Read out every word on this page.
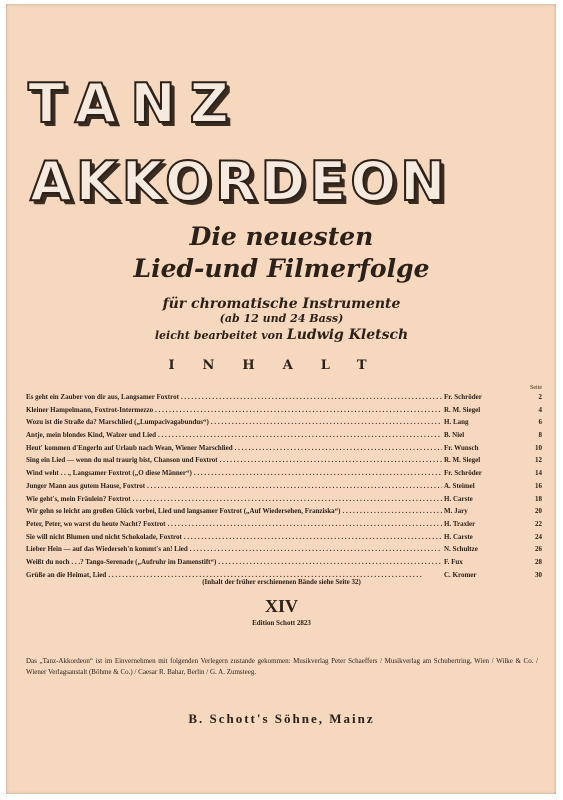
TANZ
AKKORDEON
Die neuesten
Lied-und Filmerfolge
für chromatische Instrumente
(ab 12 und 24 Bass)
leicht bearbeitet von Ludwig Kletsch
INHALT
Seite
Es geht ein Zauber von dir aus, Langsamer Foxtrot . . .	Fr. Schröder	2
Kleiner Hampelmann, Foxtrot-Intermezzo . . .	R. M. Siegel	4
Wozu ist die Straße da? Marschlied („Lumpacivagabundus“) . . .	H. Lang	6
Antje, mein blondes Kind, Walzer und Lied . . .	B. Niel	8
Heut' kommen d'Engerln auf Urlaub nach Wean, Wiener Marschlied . . .	Fr. Wunsch	10
Sing ein Lied — wenn du mal traurig bist, Chanson und Foxtrot . . .	R. M. Siegel	12
Wind weht . . ., Langsamer Foxtrot („O diese Männer“) . . .	Fr. Schröder	14
Junger Mann aus gutem Hause, Foxtrot . . .	A. Steimel	16
Wie geht's, mein Fräulein? Foxtrot . . .	H. Carste	18
Wir gehn so leicht am großen Glück vorbei, Lied und langsamer Foxtrot („Auf Wiedersehen, Franziska“) . . .	M. Jary	20
Peter, Peter, wo warst du heute Nacht? Foxtrot . . .	H. Traxler	22
Sie will nicht Blumen und nicht Schokolade, Foxtrot . . .	H. Carste	24
Lieber Hein — auf das Wiederseh'n kommt's an! Lied . . .	N. Schultze	26
Weißt du noch . . .? Tango-Serenade („Aufruhr im Damenstift“) . . .	F. Fux	28
Grüße an die Heimat, Lied . . .	C. Kromer	30
(Inhalt der früher erschienenen Bände siehe Seite 32)
XIV
Edition Schott 2823
Das „Tanz-Akkordeon“ ist im Einvernehmen mit folgenden Verlegern zustande gekommen: Musikverlag Peter Schaeffers / Musikverlag am Schubertring, Wien / Wilke & Co. / Wiener Verlagsanstalt (Böhme & Co.) / Caesar R. Bahar, Berlin / G. A. Zumsteeg.
B. Schott's Söhne, Mainz
